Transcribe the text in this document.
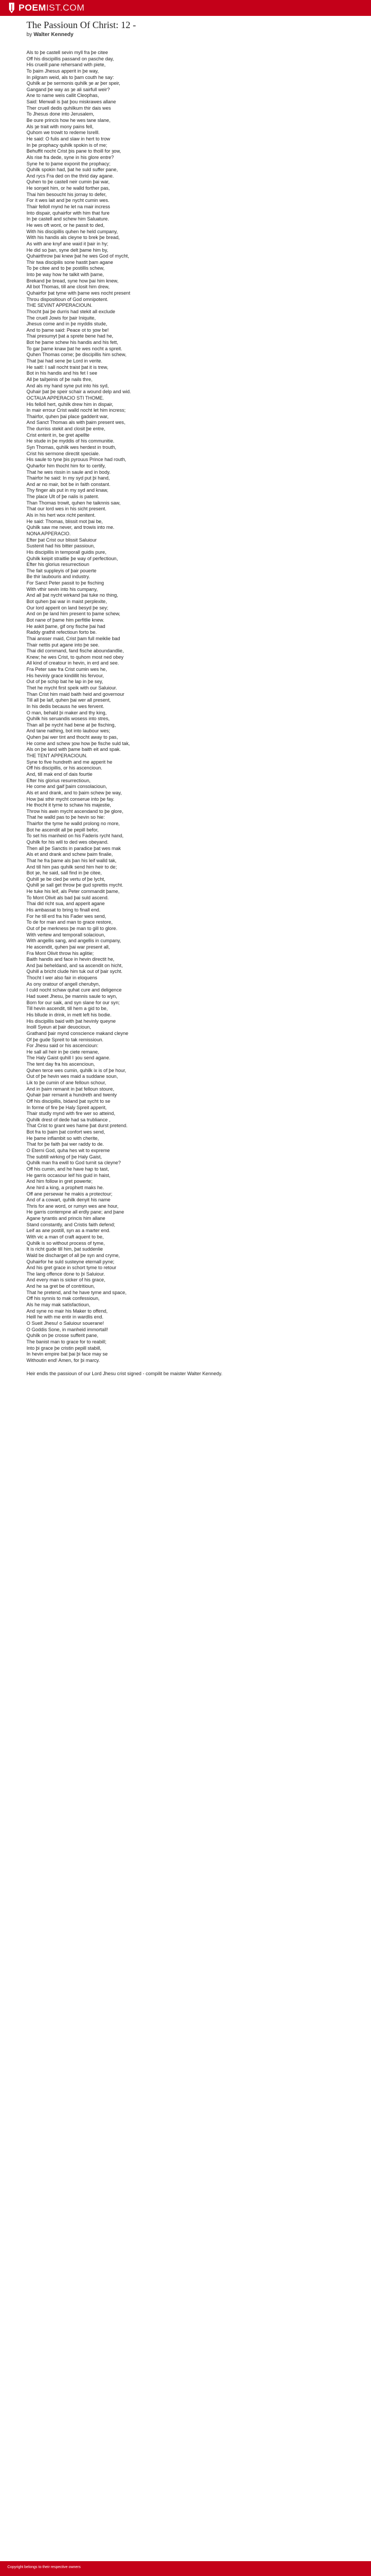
POEM IST.COM
The Passioun Of Christ: 12 -
by Walter Kennedy
Als to þe castell sevin myll fra þe citee
Off his discipillis passand on pasche day,
His crueill pane rehersand with piete,
To þaim Jhesus apperit in þe way,
In pilgram weid, als to þam couth he say:
Quhilk ar þe sermonis quhilk ȝe ar þer speir,
Gangand þe way as ȝe ali sairfull weir?
Ane to name weis callit Cleophas,
Said: Merwall is þat þou miskrawes allane
Ther cruell dedis quhilkum thir dais wes
To Jhesus done into Jerusalem,
Be oure princis how he wes tane slane,
Als ȝe trait with mony pains fell,
Quhom we trowit to redeme Isrelll.
He said: O fulis and slaw in hert to trow
In þe prophacy quhilk spokin is of me;
Behuffit nocht Crist þis pane to thoill for ȝow,
Als rise fra dede, syne in his glore entre?
Syne he to þame exponit the prophacy;
Quhilk spokin had, þat he suld suffer pane,
And rycs Fra ded on the thrid day agane.
Quhen to þe castell neir cumin þai war,
He sonȝeit him, or he walld forther pas,
Thai him besoucht his jornay to defer,
For it wes lait and þe nycht cumin wes.
Thair felloll mynd he let na mair incress
Into dispair, quhairfor with him that fure
In þe castell and schew him Saluature.
He wes oft wont, or he passit to ded,
With his discipillis quhen he held cumpany,
With his handis als cleyne to brek þe bread,
As with ane knyf ane waid it þair in hy;
He did so þan, syne delt þame him by,
Quhairthrow þai knew þat he wes God of mycht,
Thir twa discipilis sone hastit þam agane
To þe citee and to þe postillis schew,
Into þe way how he talkit with þame,
Brekand þe bread, syne how þai him knew,
All bot Thomas, till ane closit him drew,
Quhairfor þat tyme with þame wes nocht present
Throu dispositioun of God omnipotent.
THE SEVINT APPERACIOUN.
Thocht þai þe durris had stekit all exclude
The cruell Jowis for þair Iniquite,
Jhesus come and in þe myddis stude,
And to þame said: Peace ot to ȝow be!
Thai presumyt þat a sprete bene had he,
Bot he þame schew his handis and his fett,
To gar þame knaw þat he wes nocht a spreit.
Quhen Thomas come; þe discipillis him schew,
That þai had sene þe Lord in verite.
He saitl: I sall nocht traist þat it is trew,
Bot in his handis and his fet I see
All þe tailȝeinis of þe nails thre,
And als my hand syne put into his syd,
Quhair þat þe speir schair a wound delp and wid.
OCTAUA APPERACIO STI THOME.
His felloll hert, quhilk drew him in dispair,
In mair errour Crist walld nocht let him incress;
Thairfor, quhen þai place gadderit war,
And Sanct Thomas als with þaim present wes,
The durriss stekit and closit þe entre,
Crist enterit in, be gret apellte
He stude in þe myddis of his communitie.
Syn Thomas, quhilk wes herdest in trouth,
Crist his sermone directit speciale.
His saule to tyne þis pyrouus Prince had routh,
Quharfor him thocht him for to certify,
That he wes rissin in saule and in body.
Thairfor he said: In my syd put þi hand,
And ar no mair, bot be in faith constant.
Thy finger als put in my syd and knaw,
The place Ult of þe nalis is patent.
Than Thomas trowit, quhen he taiknnis saw,
That our lord wes in his sicht present.
Als in his hert wox richt penitent.
He said: Thomas, blissit mot þai be,
Quhilk saw me never, and trowis into me.
NONA APPERACIO.
Efter þat Crist our blissit Saluiour
Sustenit had his bitter passioun,
His discipillis in temporall guidis pure,
Quhilk keipit straitlie þe way of perfectioun,
Efter his glorius resurrectioun
The fait suppleyis of þair pouerte
Be thir laubouris and industry.
For Sanct Peter passit to þe fisching
With vthir sevin into his cumpany,
And all þat nycht wirkand þai tuke no thing,
Bot quhen þai war in maist perplexite,
Our lord apperit on land besyd þe sey;
And on þe land him present to þame schew,
Bot nane of þame him perfitlie knew.
He askit þame, gif ony fische þai had
Raddy grathit refectioun forto be.
Thai ansser maid, Crist þam full meiklie bad
Thair nettis put agane into þe see.
Thai did command, fand fische aboundandlie,
Knew; he wes Crist, to quhom most ned obey
All kind of creatour in hevin, in erd and see.
Fra Peter saw fra Crist cumin wes he,
His hevinly grace kindillit his fervour,
Out of þe schip bat he lap in þe sey,
Thet he mycht first speik with our Saluiour.
Than Crist him maid baith heid and governour
Till all þe laif, quhen þai wer all present,
In his dedis becauss he wes fervent.
O man, behald þi maker and thy king,
Quhilk his seruandis wosess into stres,
Than all þe nycht had bene at þe fisching,
And tane nathing, bot into laubour wes;
Quhen þai wer tint and thocht away to pas,
He come and schew ȝow how þe fische suld tak,
Als on þe land with þame baith eit and spak.
THE TENT APPERACIOUN.
Syne to five hundreth and me apperit he
Off his discipillis, or his ascencioun.
And, till mak end of dais fourtie
Efter his glorius resurrectioun,
He come and gaif þaim consolacioun,
Als et and drank, and to þaim schew þe way,
How þai sthir mycht conserue into þe fay.
He thocht it tyme to schaw his majestie,
Throw his awin mycht ascendand to þe glore,
That he walld pas to þe hevin so hie:
Thairfor the tyme he walld prolong no more,
Bot he ascendit all þe pepill befor,
To set his manheid on his Faderis rycht hand,
Quhilk for his will to ded wes obeyand.
Then all þe Sanctis in paradice þat wes mak
Als et and drank and schew þaim finalie,
That he fra þame als þan his leif walld tak,
And till him pas quhilk send him heir to de;
Bot ȝe, he said, sall find in þe citee,
Quhill ȝe be cled þe vertu of þe lycht,
Quhill ȝe sall get throw þe gud sprettis mycht.
He tuke his leif, als Peter commandit þame,
To Mont Olivit als bad þai suld ascend.
Thai did richt sua, and apperit agane
His ambassat to bring to finall end.
For he till erd fra his Fader wes send,
To de for man and man to grace restore,
Out of þe merkness þe man to gill to glore.
With vertew and temporall solacioun,
With angellis sang, and angellis in cumpany,
He ascendit, quhen þai war present all,
Fra Mont Olivit throw his aglitie;
Baith handis and face in hevin directit he,
And þai beheldand, and sa ascendit on hicht,
Quhill a bricht clude him tuk out of þair sycht.
Thocht I wer also fair in eloquens
As ony oratour of angell cherubyn,
I culd nocht schaw quhat cure and deligence
Had sueet Jhesu, þe mannis saule to wyn,
Born for our saik, and syn slane for our syn;
Till hevin ascendit, till hem a gid to be,
His bllude in drink, in mett left his bodie.
His discipillis baid with þat hevinly queyne
Inoill Syeun at þair deuocioun,
Grathand þair mynd conscience makand cleyne
Of þe gude Spreit to tak remissioun.
For Jhesu said or his ascencioun:
He sall all heir in þe ciete remane,
The Haly Gaist quhill I ȝou send agane.
The tent day fra his ascencioun,
Quhen terce wes cumin, quhilk ix is of þe hour,
Out of þe hevin wes maid a suddane soun,
Lik to þe cumin of ane felloun schour,
And in þaim remanit in þat felloun stoure,
Quhair þair remanit a hundreth and twenty
Off his discipillis, bidand þat sycht to se
In forme of fire þe Haly Spreit apperit,
Thair studly mynd with fire wer so atteind,
Quhilk drest of dede had sa trubliance ,
That Crist to grant wes hame þat durst pretend.
Bot fra to þaim þat confort wes send,
He þame inflambit so with cherite,
That for þe faith þai wer raddy to de.
O Eterni God, quha hes wit to expreme
The subtill wirking of þe Haly Gaist,
Quhilk man fra ewill to God turnit sa cleyne?
Off his cumin, and he have hap to tast,
He garris occasour leif his guid in haist,
And him follow in gret powerte;
Ane hird a king, a prophett maks he.
Off ane persewar he makis a protectour;
And of a cowart, quhilk denyit his name
Thris for ane word, or rumyn wes ane hour,
He garris contempne all erdly pane; and þane
Agane tyrantis and princis him allane
Stand constantly, and Cristis faith defend;
Leif as ane postill, syn as a marter end.
With vic a man of craft aquent to be,
Quhilk is so without process of tyme,
It is richt gude till him, þat suddenlie
Wald be discharget of all þe syn and cryme,
Quhairfor he suld susteyne eternall pyne;
And his gret grace in schort tyme to retour
The lang offence done to þi Saluiour.
And every man is sicker of his grace,
And he sa gret be of contritioun,
That he pretend, and he have tyme and space,
Off his synnis to mak confessioun,
Als he may mak satisfactioun,
And syne no mair his Maker to offend,
Heill he with me entir in wardlis end.
O Sueit Jhesu! o Saluiour souerane!
O Goddis Sone, in manheid immortall!
Quhilk on þe crosse sufferit pane,
The banist man to grace for to reabill;
Into þi grace þe cristin pepill stabill,
In hevin empire bat þai þi face may se
Withoutin end! Amen, for þi marcy.
Heir endis the passioun of our Lord Jhesu crist signed - compilit be maister Walter Kennedy.
Copyright belongs to their respective owners
